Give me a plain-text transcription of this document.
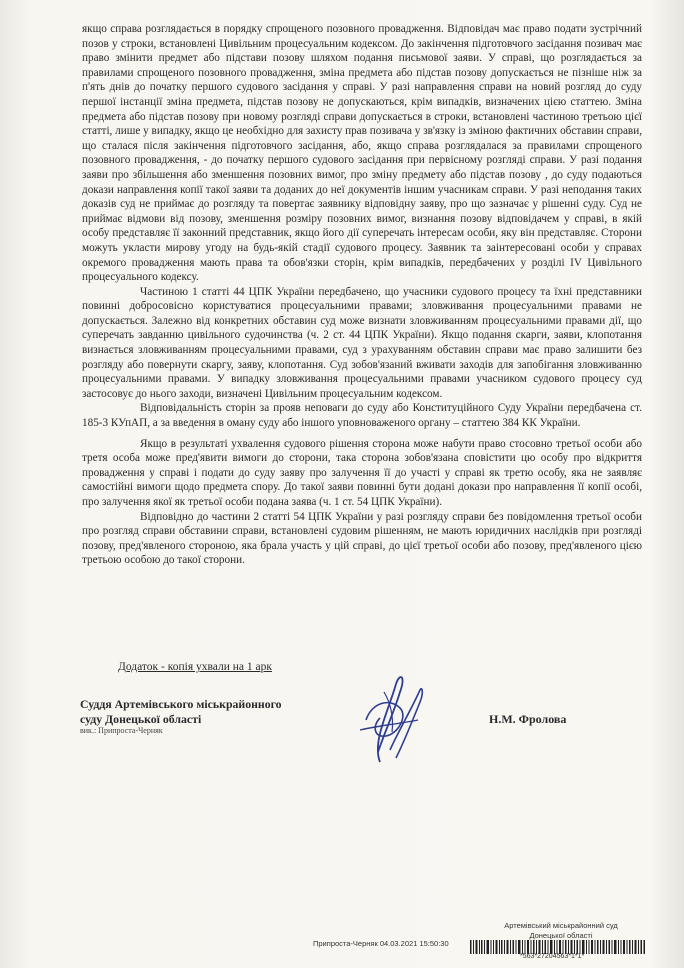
якщо справа розглядається в порядку спрощеного позовного провадження. Відповідач має право подати зустрічний позов у строки, встановлені Цивільним процесуальним кодексом. До закінчення підготовчого засідання позивач має право змінити предмет або підстави позову шляхом подання письмової заяви. У справі, що розглядається за правилами спрощеного позовного провадження, зміна предмета або підстав позову допускається не пізніше ніж за п'ять днів до початку першого судового засідання у справі. У разі направлення справи на новий розгляд до суду першої інстанції зміна предмета, підстав позову не допускаються, крім випадків, визначених цією статтею. Зміна предмета або підстав позову при новому розгляді справи допускається в строки, встановлені частиною третьою цієї статті, лише у випадку, якщо це необхідно для захисту прав позивача у зв'язку із зміною фактичних обставин справи, що сталася після закінчення підготовчого засідання, або, якщо справа розглядалася за правилами спрощеного позовного провадження, - до початку першого судового засідання при первісному розгляді справи. У разі подання заяви про збільшення або зменшення позовних вимог, про зміну предмету або підстав позову , до суду подаються докази направлення копії такої заяви та доданих до неї документів іншим учасникам справи. У разі неподання таких доказів суд не приймає до розгляду та повертає заявнику відповідну заяву, про що зазначає у рішенні суду. Суд не приймає відмови від позову, зменшення розміру позовних вимог, визнання позову відповідачем у справі, в якій особу представляє її законний представник, якщо його дії суперечать інтересам особи, яку він представляє. Сторони можуть укласти мирову угоду на будь-якій стадії судового процесу. Заявник та заінтересовані особи у справах окремого провадження мають права та обов'язки сторін, крім випадків, передбачених у розділі IV Цивільного процесуального кодексу.

Частиною 1 статті 44 ЦПК України передбачено, що учасники судового процесу та їхні представники повинні добросовісно користуватися процесуальними правами; зловживання процесуальними правами не допускається. Залежно від конкретних обставин суд може визнати зловживанням процесуальними правами дії, що суперечать завданню цивільного судочинства (ч. 2 ст. 44 ЦПК України). Якщо подання скарги, заяви, клопотання визнається зловживанням процесуальними правами, суд з урахуванням обставин справи має право залишити без розгляду або повернути скаргу, заяву, клопотання. Суд зобов'язаний вживати заходів для запобігання зловживанню процесуальними правами. У випадку зловживання процесуальними правами учасником судового процесу суд застосовує до нього заходи, визначені Цивільним процесуальним кодексом.

Відповідальність сторін за прояв неповаги до суду або Конституційного Суду України передбачена ст. 185-3 КУпАП, а за введення в оману суду або іншого уповноваженого органу – статтею 384 КК України.

Якщо в результаті ухвалення судового рішення сторона може набути право стосовно третьої особи або третя особа може пред'явити вимоги до сторони, така сторона зобов'язана сповістити цю особу про відкриття провадження у справі і подати до суду заяву про залучення її до участі у справі як третю особу, яка не заявляє самостійні вимоги щодо предмета спору. До такої заяви повинні бути додані докази про направлення її копії особі, про залучення якої як третьої особи подана заява (ч. 1 ст. 54 ЦПК України).

Відповідно до частини 2 статті 54 ЦПК України у разі розгляду справи без повідомлення третьої особи про розгляд справи обставини справи, встановлені судовим рішенням, не мають юридичних наслідків при розгляді позову, пред'явленого стороною, яка брала участь у цій справі, до цієї третьої особи або позову, пред'явленого цією третьою особою до такої сторони.

Додаток - копія ухвали на 1 арк
Суддя Артемівського міськрайонного
суду Донецької області
вик.: Припроста-Черняк
Н.М. Фролова
Артемівський міськрайонний суд
Донецької області
Припроста-Черняк 04.03.2021 15:50:30
*563*27204563*1*1*
